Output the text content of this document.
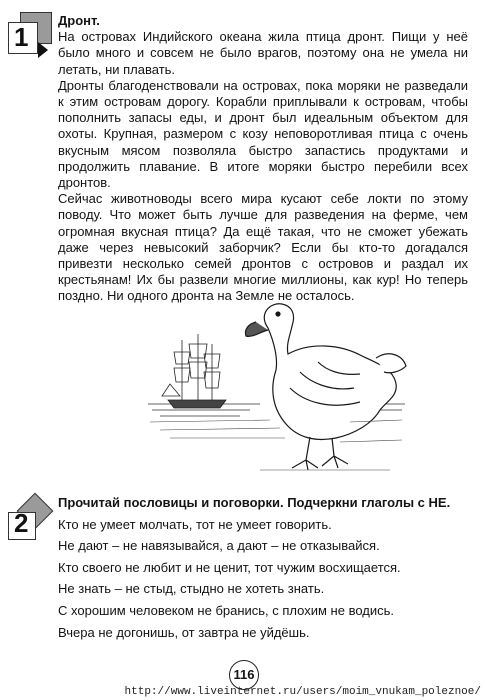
1

Дронт.

На островах Индийского океана жила птица дронт. Пищи у неё было много и совсем не было врагов, поэтому она не умела ни летать, ни плавать.

Дронты благоденствовали на островах, пока моряки не разведали к этим островам дорогу. Корабли приплывали к островам, чтобы пополнить запасы еды, и дронт был идеальным объектом для охоты. Крупная, размером с козу неповоротливая птица с очень вкусным мясом позволяла быстро запастись продуктами и продолжить плавание. В итоге моряки быстро перебили всех дронтов.

Сейчас животноводы всего мира кусают себе локти по этому поводу. Что может быть лучше для разведения на ферме, чем огромная вкусная птица? Да ещё такая, что не сможет убежать даже через невысокий заборчик? Если бы кто-то догадался привезти несколько семей дронтов с островов и раздал их крестьянам! Их бы развели многие миллионы, как кур! Но теперь поздно. Ни одного дронта на Земле не осталось.

2

Прочитай пословицы и поговорки. Подчеркни глаголы с НЕ.

Кто не умеет молчать, тот не умеет говорить.

Не дают – не навязывайся, а дают – не отказывайся.

Кто своего не любит и не ценит, тот чужим восхищается.

Не знать – не стыд, стыдно не хотеть знать.

С хорошим человеком не бранись, с плохим не водись.

Вчера не догонишь, от завтра не уйдёшь.

116
http://www.liveinternet.ru/users/moim_vnukam_poleznoe/
